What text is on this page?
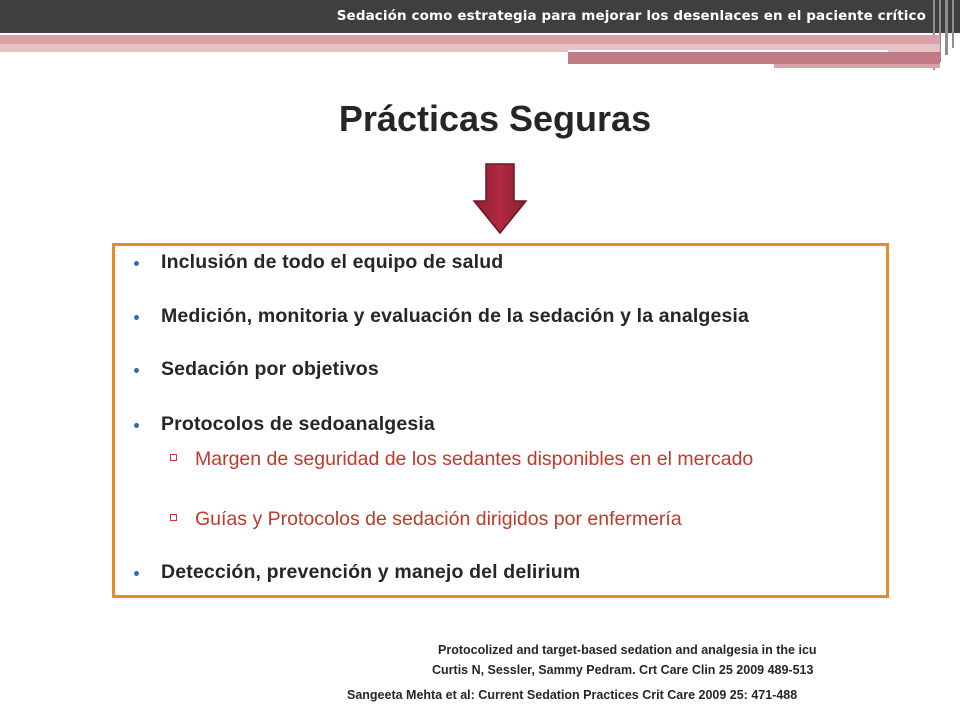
Sedación como estrategia para mejorar los desenlaces en el paciente crítico
Prácticas Seguras
Inclusión de todo el equipo de salud
Medición, monitoria y evaluación de la sedación y la analgesia
Sedación por objetivos
Protocolos de sedoanalgesia
Margen de seguridad de los sedantes disponibles en el mercado
Guías y Protocolos de sedación dirigidos por enfermería
Detección, prevención y manejo del delirium
Protocolized and target-based sedation and analgesia in the icu
Curtis N, Sessler, Sammy Pedram. Crt Care Clin 25 2009 489-513
Sangeeta Mehta et al: Current Sedation Practices Crit Care 2009 25: 471-488
